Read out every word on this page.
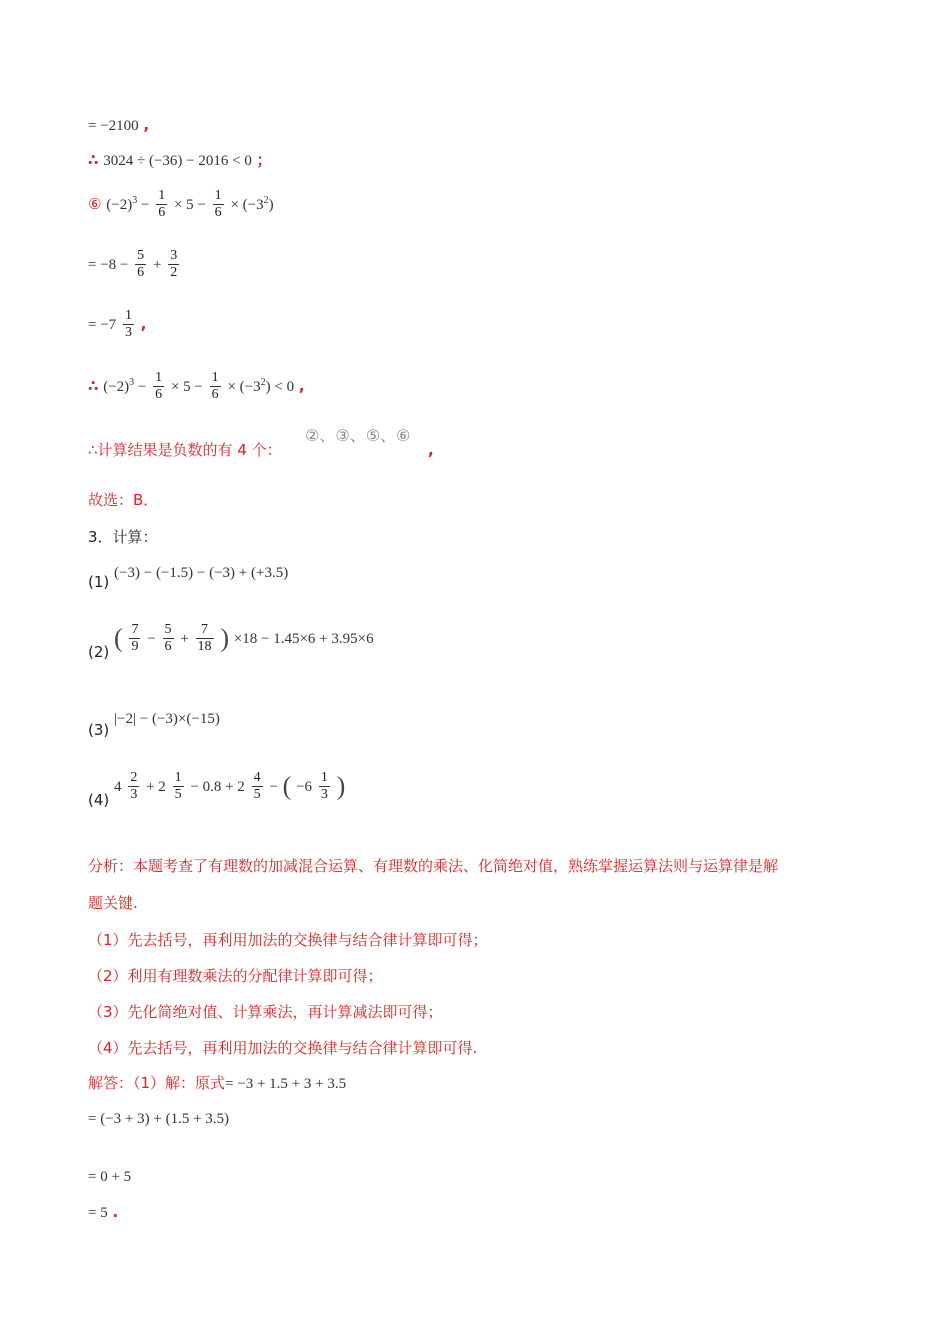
= −2100 ,
∴ 3024 ÷ (−36) − 2016 < 0 ；
⑥ $(-2)^3 - \frac{1}{6} \times 5 - \frac{1}{6} \times (-3^2)$
= $-8 - \frac{5}{6} + \frac{3}{2}$
= $-7 \frac{1}{3}$ ,
∴ $(-2)^3 - \frac{1}{6} \times 5 - \frac{1}{6} \times (-3^2) < 0$ ,
∴计算结果是负数的有 4 个：
②、③、⑤、⑥
,
故选：B．
3．计算：
(1) (−3) − (−1.5) − (−3) + (+3.5)
(2) ( $\frac{7}{9} - \frac{5}{6} + \frac{7}{18}$ ) ×18 − 1.45×6 + 3.95×6
(3) |−2| − (−3)×(−15)
(4) $4 \frac{2}{3} + 2 \frac{1}{5} - 0.8 + 2 \frac{4}{5}$ − ( $-6 \frac{1}{3}$ )
分析：本题考查了有理数的加减混合运算、有理数的乘法、化简绝对值，熟练掌握运算法则与运算律是解
题关键.
（1）先去括号，再利用加法的交换律与结合律计算即可得；
（2）利用有理数乘法的分配律计算即可得；
（3）先化简绝对值、计算乘法，再计算减法即可得；
（4）先去括号，再利用加法的交换律与结合律计算即可得.
解答：（1）解：原式= −3 + 1.5 + 3 + 3.5
= (−3 + 3) + (1.5 + 3.5)
= 0 + 5
= 5 .
